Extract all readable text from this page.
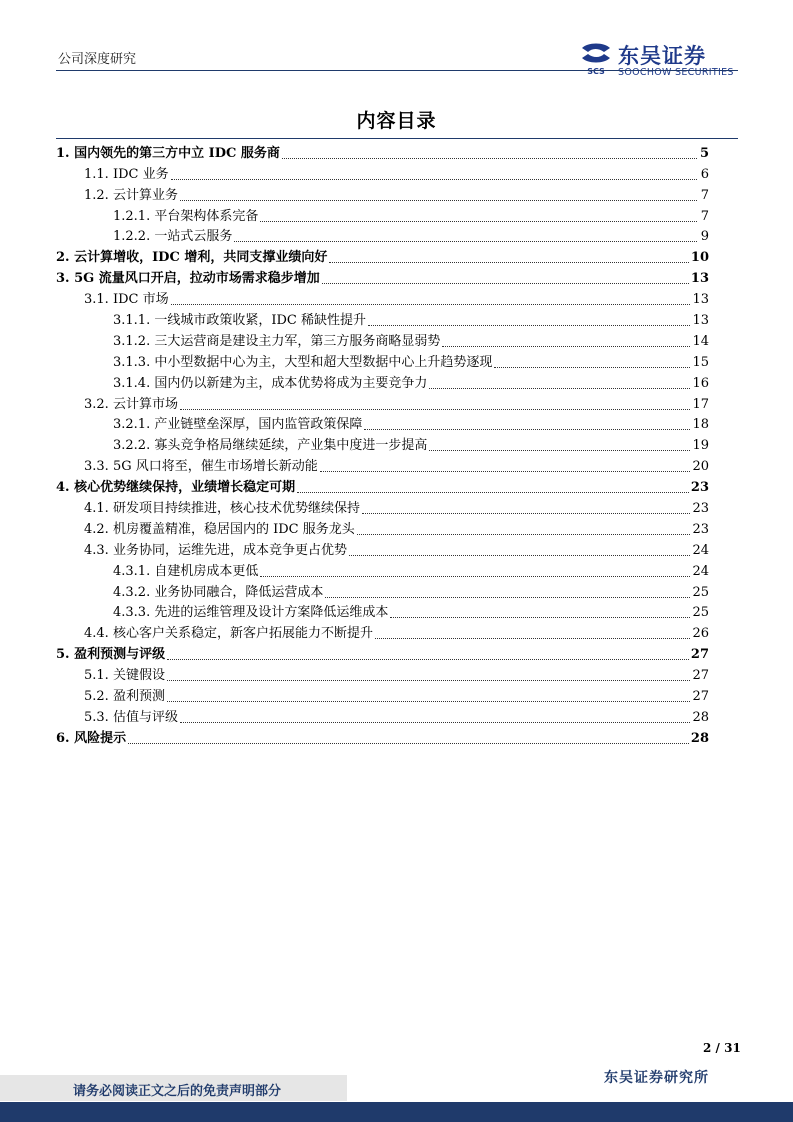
公司深度研究
SCS
东吴证券
SOOCHOW SECURITIES
内容目录
1. 国内领先的第三方中立 IDC 服务商	5
1.1. IDC 业务	6
1.2. 云计算业务	7
1.2.1. 平台架构体系完备	7
1.2.2. 一站式云服务	9
2. 云计算增收，IDC 增利，共同支撑业绩向好	10
3. 5G 流量风口开启，拉动市场需求稳步增加	13
3.1. IDC 市场	13
3.1.1. 一线城市政策收紧，IDC 稀缺性提升	13
3.1.2. 三大运营商是建设主力军，第三方服务商略显弱势	14
3.1.3. 中小型数据中心为主，大型和超大型数据中心上升趋势逐现	15
3.1.4. 国内仍以新建为主，成本优势将成为主要竞争力	16
3.2. 云计算市场	17
3.2.1. 产业链壁垒深厚，国内监管政策保障	18
3.2.2. 寡头竞争格局继续延续，产业集中度进一步提高	19
3.3. 5G 风口将至，催生市场增长新动能	20
4. 核心优势继续保持，业绩增长稳定可期	23
4.1. 研发项目持续推进，核心技术优势继续保持	23
4.2. 机房覆盖精准，稳居国内的 IDC 服务龙头	23
4.3. 业务协同，运维先进，成本竞争更占优势	24
4.3.1. 自建机房成本更低	24
4.3.2. 业务协同融合，降低运营成本	25
4.3.3. 先进的运维管理及设计方案降低运维成本	25
4.4. 核心客户关系稳定，新客户拓展能力不断提升	26
5. 盈利预测与评级	27
5.1. 关键假设	27
5.2. 盈利预测	27
5.3. 估值与评级	28
6. 风险提示	28
2 / 31
请务必阅读正文之后的免责声明部分
东吴证券研究所
